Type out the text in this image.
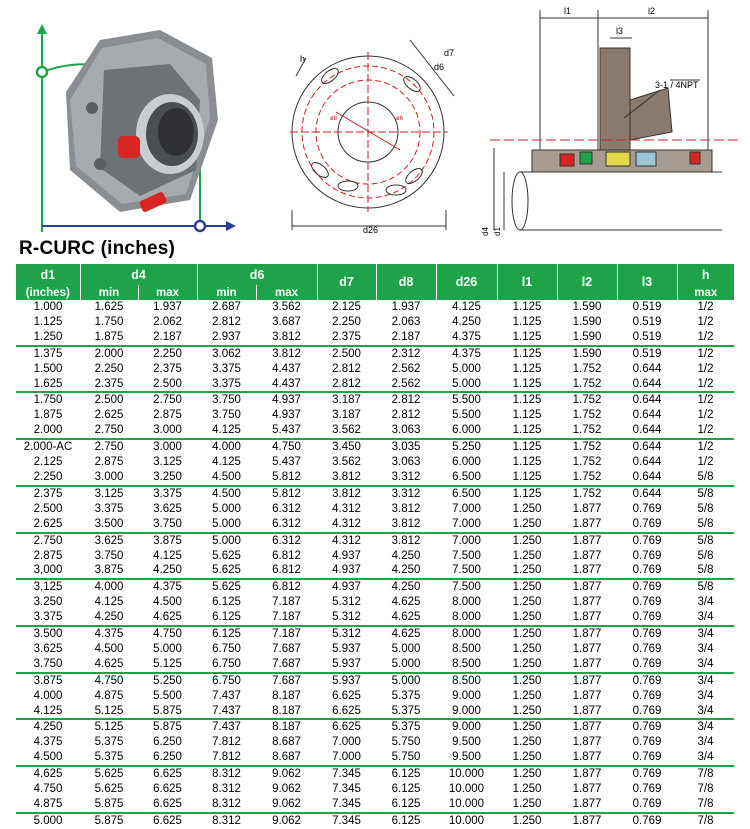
d26
h
d7
d6
ø8	ø6
l1	l2
l3
3-1 / 4NPT
d4 d1
R-CURC (inches)
d1	d4		d6		d7	d8	d26	l1	l2	l3	h
(inches)	min	max	min	max							max
1.000	1.625	1.937	2.687	3.562	2.125	1.937	4.125	1.125	1.590	0.519	1/2
1.125	1.750	2.062	2.812	3.687	2.250	2.063	4.250	1.125	1.590	0.519	1/2
1.250	1.875	2.187	2.937	3.812	2.375	2.187	4.375	1.125	1.590	0.519	1/2
1.375	2.000	2.250	3.062	3.812	2.500	2.312	4.375	1.125	1.590	0.519	1/2
1.500	2.250	2.375	3.375	4.437	2.812	2.562	5.000	1.125	1.752	0.644	1/2
1.625	2.375	2.500	3.375	4.437	2.812	2.562	5.000	1.125	1.752	0.644	1/2
1.750	2.500	2.750	3.750	4.937	3.187	2.812	5.500	1.125	1.752	0.644	1/2
1.875	2.625	2.875	3.750	4.937	3.187	2.812	5.500	1.125	1.752	0.644	1/2
2.000	2.750	3.000	4.125	5.437	3.562	3.063	6.000	1.125	1.752	0.644	1/2
2.000-AC	2.750	3.000	4.000	4.750	3.450	3.035	5.250	1.125	1.752	0.644	1/2
2.125	2.875	3.125	4.125	5.437	3.562	3.063	6.000	1.125	1.752	0.644	1/2
2.250	3.000	3.250	4.500	5.812	3.812	3.312	6.500	1.125	1.752	0.644	5/8
2.375	3.125	3.375	4.500	5.812	3.812	3.312	6.500	1.125	1.752	0.644	5/8
2.500	3.375	3.625	5.000	6.312	4.312	3.812	7.000	1.250	1.877	0.769	5/8
2.625	3.500	3.750	5.000	6.312	4.312	3.812	7.000	1.250	1.877	0.769	5/8
2.750	3.625	3.875	5.000	6.312	4.312	3.812	7.000	1.250	1.877	0.769	5/8
2.875	3.750	4.125	5.625	6.812	4.937	4.250	7.500	1.250	1.877	0.769	5/8
3,000	3.875	4.250	5.625	6.812	4.937	4.250	7.500	1.250	1.877	0.769	5/8
3,125	4.000	4.375	5.625	6.812	4.937	4.250	7.500	1.250	1.877	0.769	5/8
3.250	4.125	4.500	6.125	7.187	5.312	4.625	8.000	1.250	1.877	0.769	3/4
3.375	4.250	4.625	6.125	7.187	5.312	4.625	8.000	1.250	1.877	0.769	3/4
3.500	4.375	4.750	6.125	7.187	5.312	4.625	8.000	1.250	1.877	0.769	3/4
3.625	4.500	5.000	6.750	7.687	5.937	5.000	8.500	1.250	1.877	0.769	3/4
3.750	4.625	5.125	6.750	7.687	5.937	5.000	8.500	1.250	1.877	0.769	3/4
3.875	4.750	5.250	6.750	7.687	5.937	5.000	8.500	1.250	1.877	0.769	3/4
4.000	4.875	5.500	7.437	8.187	6.625	5.375	9.000	1.250	1.877	0.769	3/4
4.125	5.125	5.875	7.437	8.187	6.625	5.375	9.000	1.250	1.877	0.769	3/4
4.250	5.125	5.875	7.437	8.187	6.625	5.375	9.000	1.250	1.877	0.769	3/4
4.375	5.375	6.250	7.812	8.687	7.000	5.750	9.500	1.250	1.877	0.769	3/4
4.500	5.375	6.250	7.812	8.687	7.000	5.750	9.500	1.250	1.877	0.769	3/4
4.625	5.625	6.625	8.312	9.062	7.345	6.125	10.000	1.250	1.877	0.769	7/8
4.750	5.625	6.625	8.312	9.062	7.345	6.125	10.000	1.250	1.877	0.769	7/8
4.875	5.875	6.625	8.312	9.062	7.345	6.125	10.000	1.250	1.877	0.769	7/8
5.000	5.875	6.625	8.312	9.062	7.345	6.125	10.000	1.250	1.877	0.769	7/8
